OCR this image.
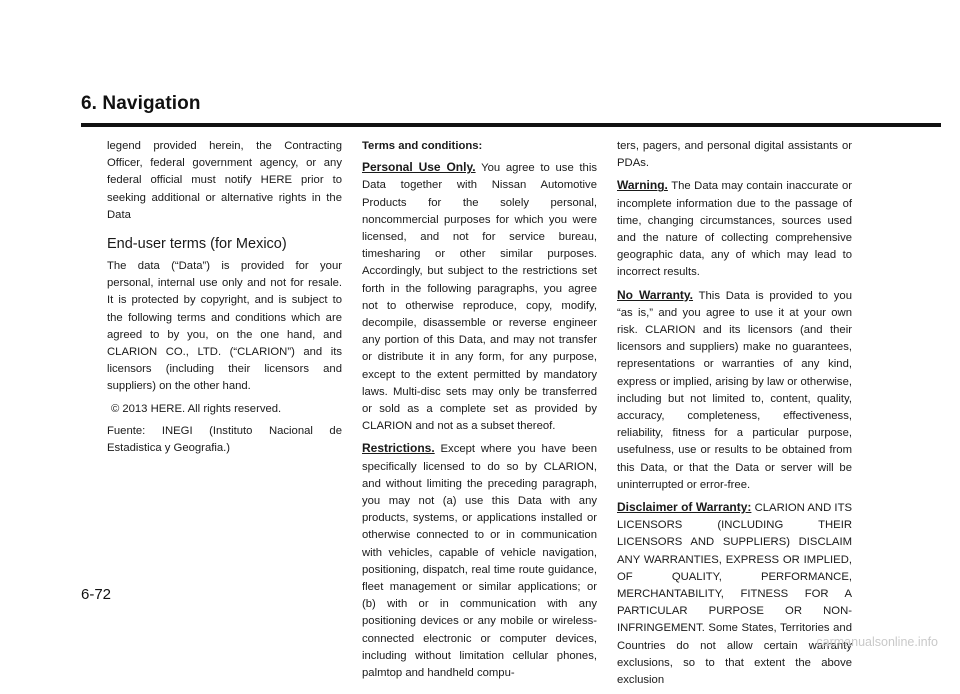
6. Navigation

legend provided herein, the Contracting Officer, federal government agency, or any federal official must notify HERE prior to seeking additional or alternative rights in the Data

End-user terms (for Mexico)

The data (“Data”) is provided for your personal, internal use only and not for resale. It is protected by copyright, and is subject to the following terms and conditions which are agreed to by you, on the one hand, and CLARION CO., LTD. (“CLARION”) and its licensors (including their licensors and suppliers) on the other hand.

© 2013 HERE. All rights reserved.

Fuente: INEGI (Instituto Nacional de Estadistica y Geografia.)

Terms and conditions:

Personal Use Only. You agree to use this Data together with Nissan Automotive Products for the solely personal, noncommercial purposes for which you were licensed, and not for service bureau, timesharing or other similar purposes. Accordingly, but subject to the restrictions set forth in the following paragraphs, you agree not to otherwise reproduce, copy, modify, decompile, disassemble or reverse engineer any portion of this Data, and may not transfer or distribute it in any form, for any purpose, except to the extent permitted by mandatory laws. Multi-disc sets may only be transferred or sold as a complete set as provided by CLARION and not as a subset thereof.

Restrictions. Except where you have been specifically licensed to do so by CLARION, and without limiting the preceding paragraph, you may not (a) use this Data with any products, systems, or applications installed or otherwise connected to or in communication with vehicles, capable of vehicle navigation, positioning, dispatch, real time route guidance, fleet management or similar applications; or (b) with or in communication with any positioning devices or any mobile or wireless-connected electronic or computer devices, including without limitation cellular phones, palmtop and handheld compu-

ters, pagers, and personal digital assistants or PDAs.

Warning. The Data may contain inaccurate or incomplete information due to the passage of time, changing circumstances, sources used and the nature of collecting comprehensive geographic data, any of which may lead to incorrect results.

No Warranty. This Data is provided to you “as is,” and you agree to use it at your own risk. CLARION and its licensors (and their licensors and suppliers) make no guarantees, representations or warranties of any kind, express or implied, arising by law or otherwise, including but not limited to, content, quality, accuracy, completeness, effectiveness, reliability, fitness for a particular purpose, usefulness, use or results to be obtained from this Data, or that the Data or server will be uninterrupted or error-free.

Disclaimer of Warranty: CLARION AND ITS LICENSORS (INCLUDING THEIR LICENSORS AND SUPPLIERS) DISCLAIM ANY WARRANTIES, EXPRESS OR IMPLIED, OF QUALITY, PERFORMANCE, MERCHANTABILITY, FITNESS FOR A PARTICULAR PURPOSE OR NON-INFRINGEMENT. Some States, Territories and Countries do not allow certain warranty exclusions, so to that extent the above exclusion

6-72
carmanualsonline.info
